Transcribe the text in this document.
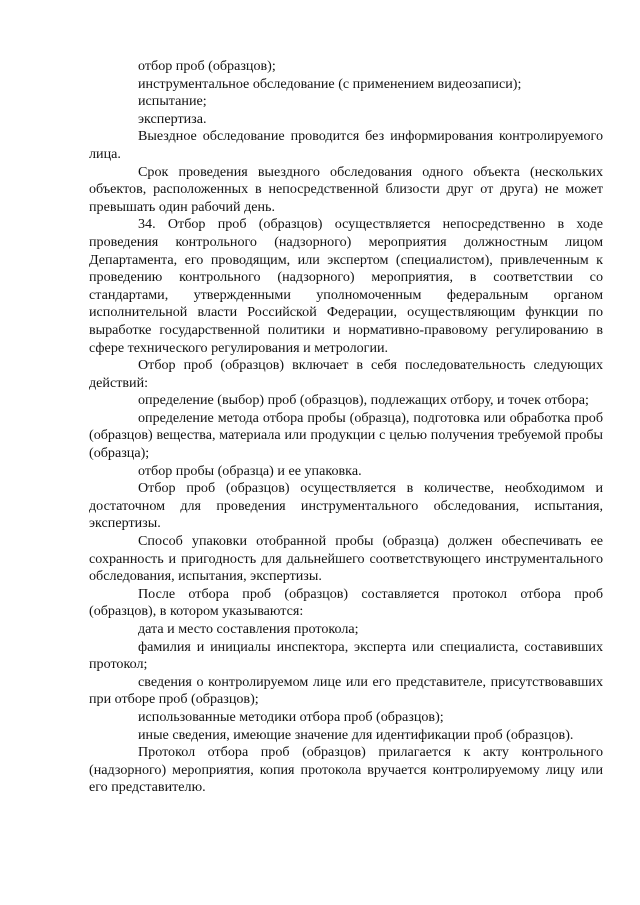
отбор проб (образцов);

инструментальное обследование (с применением видеозаписи);

испытание;

экспертиза.

Выездное обследование проводится без информирования контролируемого лица.

Срок проведения выездного обследования одного объекта (нескольких объектов, расположенных в непосредственной близости друг от друга) не может превышать один рабочий день.

34. Отбор проб (образцов) осуществляется непосредственно в ходе проведения контрольного (надзорного) мероприятия должностным лицом Департамента, его проводящим, или экспертом (специалистом), привлеченным к проведению контрольного (надзорного) мероприятия, в соответствии со стандартами, утвержденными уполномоченным федеральным органом исполнительной власти Российской Федерации, осуществляющим функции по выработке государственной политики и нормативно-правовому регулированию в сфере технического регулирования и метрологии.

Отбор проб (образцов) включает в себя последовательность следующих действий:

определение (выбор) проб (образцов), подлежащих отбору, и точек отбора;

определение метода отбора пробы (образца), подготовка или обработка проб (образцов) вещества, материала или продукции с целью получения требуемой пробы (образца);

отбор пробы (образца) и ее упаковка.

Отбор проб (образцов) осуществляется в количестве, необходимом и достаточном для проведения инструментального обследования, испытания, экспертизы.

Способ упаковки отобранной пробы (образца) должен обеспечивать ее сохранность и пригодность для дальнейшего соответствующего инструментального обследования, испытания, экспертизы.

После отбора проб (образцов) составляется протокол отбора проб (образцов), в котором указываются:

дата и место составления протокола;

фамилия и инициалы инспектора, эксперта или специалиста, составивших протокол;

сведения о контролируемом лице или его представителе, присутствовавших при отборе проб (образцов);

использованные методики отбора проб (образцов);

иные сведения, имеющие значение для идентификации проб (образцов).

Протокол отбора проб (образцов) прилагается к акту контрольного (надзорного) мероприятия, копия протокола вручается контролируемому лицу или его представителю.
